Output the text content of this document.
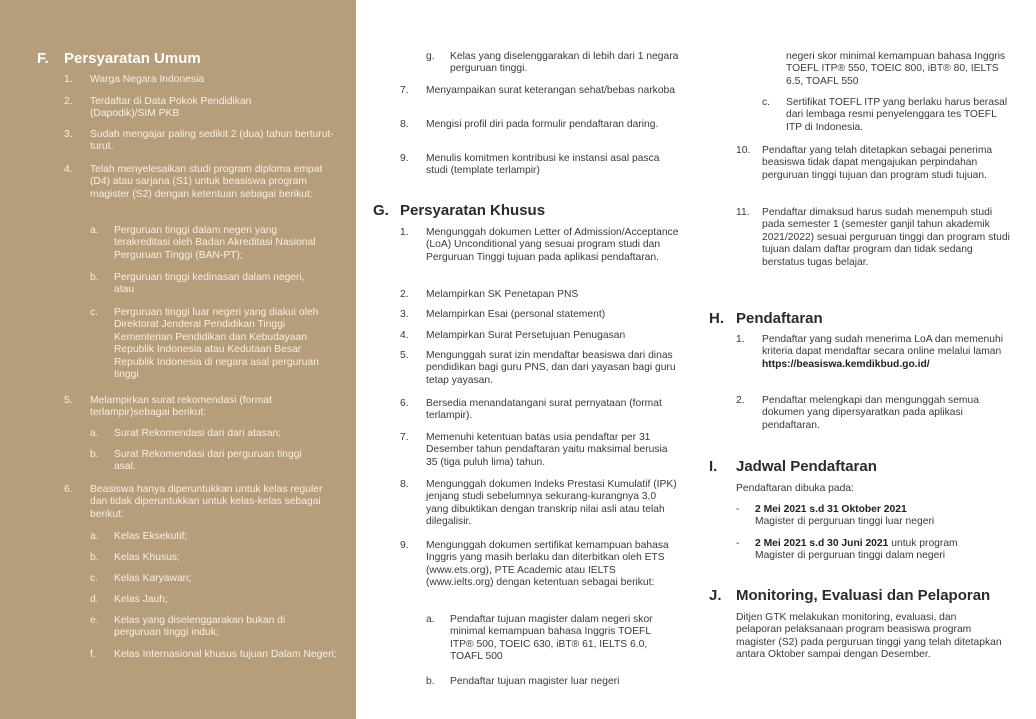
F. Persyaratan Umum
1. Warga Negara Indonesia
2. Terdaftar di Data Pokok Pendidikan (Dapodik)/SIM PKB
3. Sudah mengajar paling sedikit 2 (dua) tahun berturut-turut.
4. Telah menyelesaikan studi program diploma empat (D4) atau sarjana (S1) untuk beasiswa program magister (S2) dengan ketentuan sebagai berikut:
a. Perguruan tinggi dalam negeri yang terakreditasi oleh Badan Akreditasi Nasional Perguruan Tinggi (BAN-PT);
b. Perguruan tinggi kedinasan dalam negeri, atau
c. Perguruan tinggi luar negeri yang diakui oleh Direktorat Jenderal Pendidikan Tinggi Kementerian Pendidikan dan Kebudayaan Republik Indonesia atau Kedutaan Besar Republik Indonesia di negara asal perguruan tinggi
5. Melampirkan surat rekomendasi (format terlampir)sebagai berikut:
a. Surat Rekomendasi dari dari atasan;
b. Surat Rekomendasi dari perguruan tinggi asal.
6. Beasiswa hanya diperuntukkan untuk kelas reguler dan tidak diperuntukkan untuk kelas-kelas sebagai berikut:
a. Kelas Eksekutif;
b. Kelas Khusus;
c. Kelas Karyawan;
d. Kelas Jauh;
e. Kelas yang diselenggarakan bukan di perguruan tinggi induk;
f. Kelas Internasional khusus tujuan Dalam Negeri;
g. Kelas yang diselenggarakan di lebih dari 1 negara perguruan tinggi.
7. Menyampaikan surat keterangan sehat/bebas narkoba
8. Mengisi profil diri pada formulir pendaftaran daring.
9. Menulis komitmen kontribusi ke instansi asal pasca studi (template terlampir)
G. Persyaratan Khusus
1. Mengunggah dokumen Letter of Admission/Acceptance (LoA) Unconditional yang sesuai program studi dan Perguruan Tinggi tujuan pada aplikasi pendaftaran.
2. Melampirkan SK Penetapan PNS
3. Melampirkan Esai (personal statement)
4. Melampirkan Surat Persetujuan Penugasan
5. Mengunggah surat izin mendaftar beasiswa dari dinas pendidikan bagi guru PNS, dan dari yayasan bagi guru tetap yayasan.
6. Bersedia menandatangani surat pernyataan (format terlampir).
7. Memenuhi ketentuan batas usia pendaftar per 31 Desember tahun pendaftaran yaitu maksimal berusia 35 (tiga puluh lima) tahun.
8. Mengunggah dokumen Indeks Prestasi Kumulatif (IPK) jenjang studi sebelumnya sekurang-kurangnya 3,0 yang dibuktikan dengan transkrip nilai asli atau telah dilegalisir.
9. Mengunggah dokumen sertifikat kemampuan bahasa Inggris yang masih berlaku dan diterbitkan oleh ETS (www.ets.org), PTE Academic atau IELTS (www.ielts.org) dengan ketentuan sebagai berikut:
a. Pendaftar tujuan magister dalam negeri skor minimal kemampuan bahasa Inggris TOEFL ITP® 500, TOEIC 630, iBT® 61, IELTS 6.0, TOAFL 500
b. Pendaftar tujuan magister luar negeri
negeri skor minimal kemampuan bahasa Inggris TOEFL ITP® 550, TOEIC 800, iBT® 80, IELTS 6.5, TOAFL 550
c. Sertifikat TOEFL ITP yang berlaku harus berasal dari lembaga resmi penyelenggara tes TOEFL ITP di Indonesia.
10. Pendaftar yang telah ditetapkan sebagai penerima beasiswa tidak dapat mengajukan perpindahan perguruan tinggi tujuan dan program studi tujuan.
11. Pendaftar dimaksud harus sudah menempuh studi pada semester 1 (semester ganjil tahun akademik 2021/2022) sesuai perguruan tinggi dan program studi tujuan dalam daftar program dan tidak sedang berstatus tugas belajar.
H. Pendaftaran
1. Pendaftar yang sudah menerima LoA dan memenuhi kriteria dapat mendaftar secara online melalui laman https://beasiswa.kemdikbud.go.id/
2. Pendaftar melengkapi dan mengunggah semua dokumen yang dipersyaratkan pada aplikasi pendaftaran.
I. Jadwal Pendaftaran
Pendaftaran dibuka pada:
- 2 Mei 2021 s.d 31 Oktober 2021
Magister di perguruan tinggi luar negeri
- 2 Mei 2021 s.d 30 Juni 2021 untuk program
Magister di perguruan tinggi dalam negeri
J. Monitoring, Evaluasi dan Pelaporan
Ditjen GTK melakukan monitoring, evaluasi, dan pelaporan pelaksanaan program beasiswa program magister (S2) pada perguruan tinggi yang telah ditetapkan antara Oktober sampai dengan Desember.
